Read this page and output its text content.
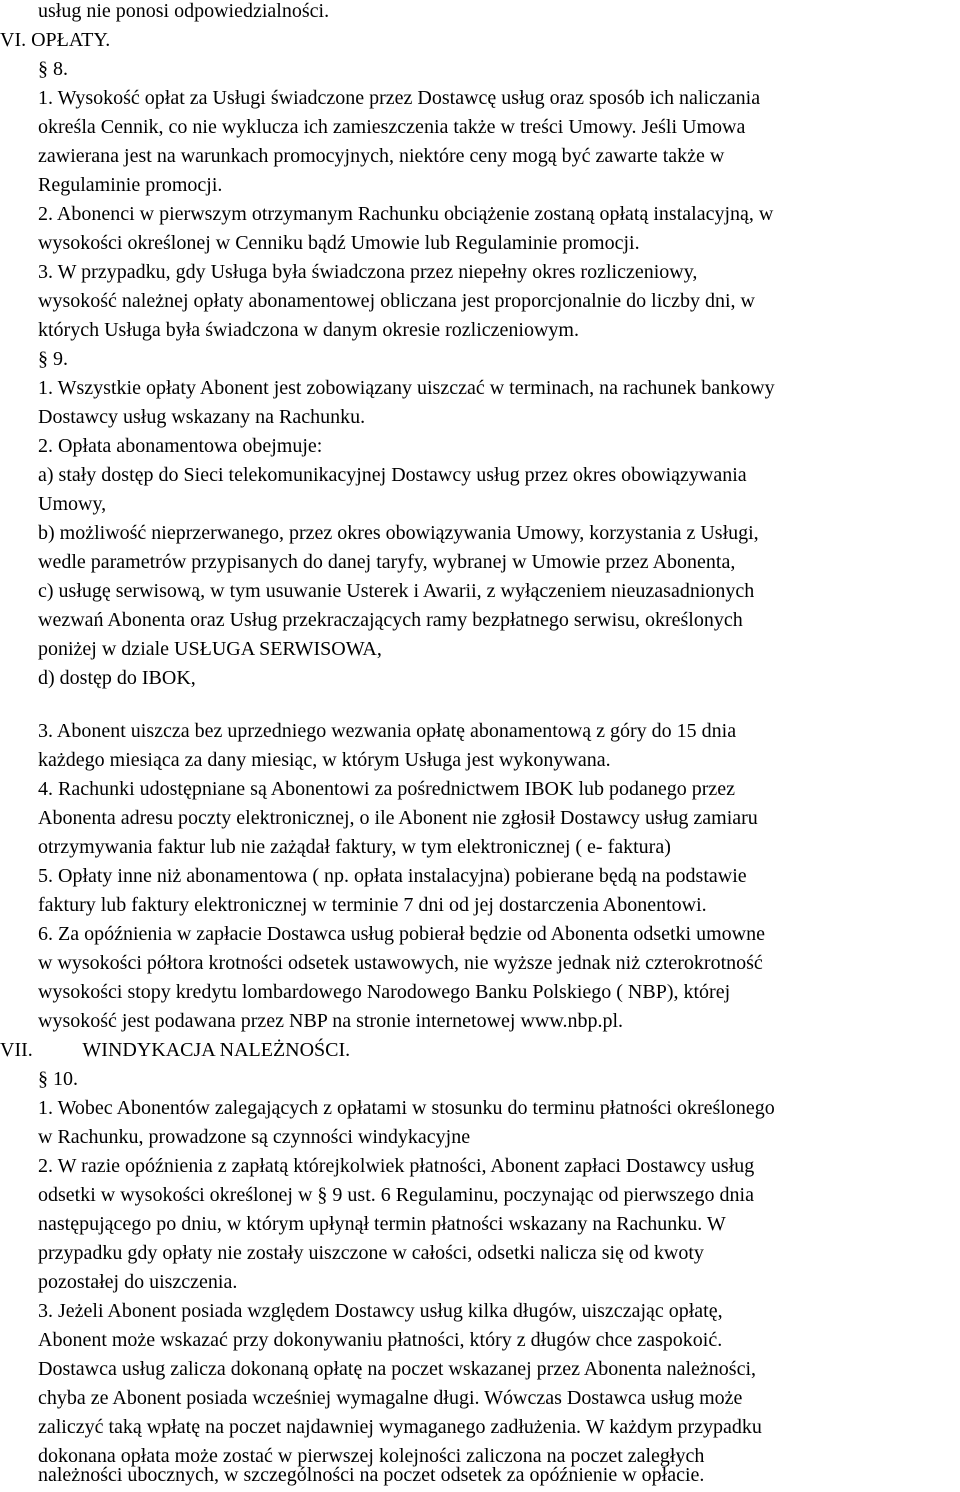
usług nie ponosi odpowiedzialności.
VI. OPŁATY.
§ 8.
1. Wysokość opłat za Usługi świadczone przez Dostawcę usług oraz sposób ich naliczania
określa Cennik, co nie wyklucza ich zamieszczenia także w treści Umowy. Jeśli Umowa
zawierana jest na warunkach promocyjnych, niektóre ceny mogą być zawarte także w
Regulaminie promocji.
2. Abonenci w pierwszym otrzymanym Rachunku obciążenie zostaną opłatą instalacyjną, w
wysokości określonej w Cenniku bądź Umowie lub Regulaminie promocji.
3. W przypadku, gdy Usługa była świadczona przez niepełny okres rozliczeniowy,
wysokość należnej opłaty abonamentowej obliczana jest proporcjonalnie do liczby dni, w
których Usługa była świadczona w danym okresie rozliczeniowym.
§ 9.
1. Wszystkie opłaty Abonent jest zobowiązany uiszczać w terminach, na rachunek bankowy
Dostawcy usług wskazany na Rachunku.
2. Opłata abonamentowa obejmuje:
a) stały dostęp do Sieci telekomunikacyjnej Dostawcy usług przez okres obowiązywania
Umowy,
b) możliwość nieprzerwanego, przez okres obowiązywania Umowy, korzystania z Usługi,
wedle parametrów przypisanych do danej taryfy, wybranej w Umowie przez Abonenta,
c) usługę serwisową, w tym usuwanie Usterek i Awarii, z wyłączeniem nieuzasadnionych
wezwań Abonenta oraz Usług przekraczających ramy bezpłatnego serwisu, określonych
poniżej w dziale USŁUGA SERWISOWA,
d) dostęp do IBOK,
3. Abonent uiszcza bez uprzedniego wezwania opłatę abonamentową z góry do 15 dnia
każdego miesiąca za dany miesiąc, w którym Usługa jest wykonywana.
4. Rachunki udostępniane są Abonentowi za pośrednictwem IBOK lub podanego przez
Abonenta adresu poczty elektronicznej, o ile Abonent nie zgłosił Dostawcy usług zamiaru
otrzymywania faktur lub nie zażądał faktury, w tym elektronicznej ( e- faktura)
5. Opłaty inne niż abonamentowa ( np. opłata instalacyjna) pobierane będą na podstawie
faktury lub faktury elektronicznej w terminie 7 dni od jej dostarczenia Abonentowi.
6. Za opóźnienia w zapłacie Dostawca usług pobierał będzie od Abonenta odsetki umowne
w wysokości półtora krotności odsetek ustawowych, nie wyższe jednak niż czterokrotność
wysokości stopy kredytu lombardowego Narodowego Banku Polskiego ( NBP), której
wysokość jest podawana przez NBP na stronie internetowej www.nbp.pl.
VII.          WINDYKACJA NALEŻNOŚCI.
§ 10.
1. Wobec Abonentów zalegających z opłatami w stosunku do terminu płatności określonego
w Rachunku, prowadzone są czynności windykacyjne
2. W razie opóźnienia z zapłatą którejkolwiek płatności, Abonent zapłaci Dostawcy usług
odsetki w wysokości określonej w § 9 ust. 6 Regulaminu, poczynając od pierwszego dnia
następującego po dniu, w którym upłynął termin płatności wskazany na Rachunku. W
przypadku gdy opłaty nie zostały uiszczone w całości, odsetki nalicza się od kwoty
pozostałej do uiszczenia.
3. Jeżeli Abonent posiada względem Dostawcy usług kilka długów, uiszczając opłatę,
Abonent może wskazać przy dokonywaniu płatności, który z długów chce zaspokoić.
Dostawca usług zalicza dokonaną opłatę na poczet wskazanej przez Abonenta należności,
chyba ze Abonent posiada wcześniej wymagalne długi. Wówczas Dostawca usług może
zaliczyć taką wpłatę na poczet najdawniej wymaganego zadłużenia. W każdym przypadku
dokonana opłata może zostać w pierwszej kolejności zaliczona na poczet zaległych
należności ubocznych, w szczególności na poczet odsetek za opóźnienie w opłacie.
